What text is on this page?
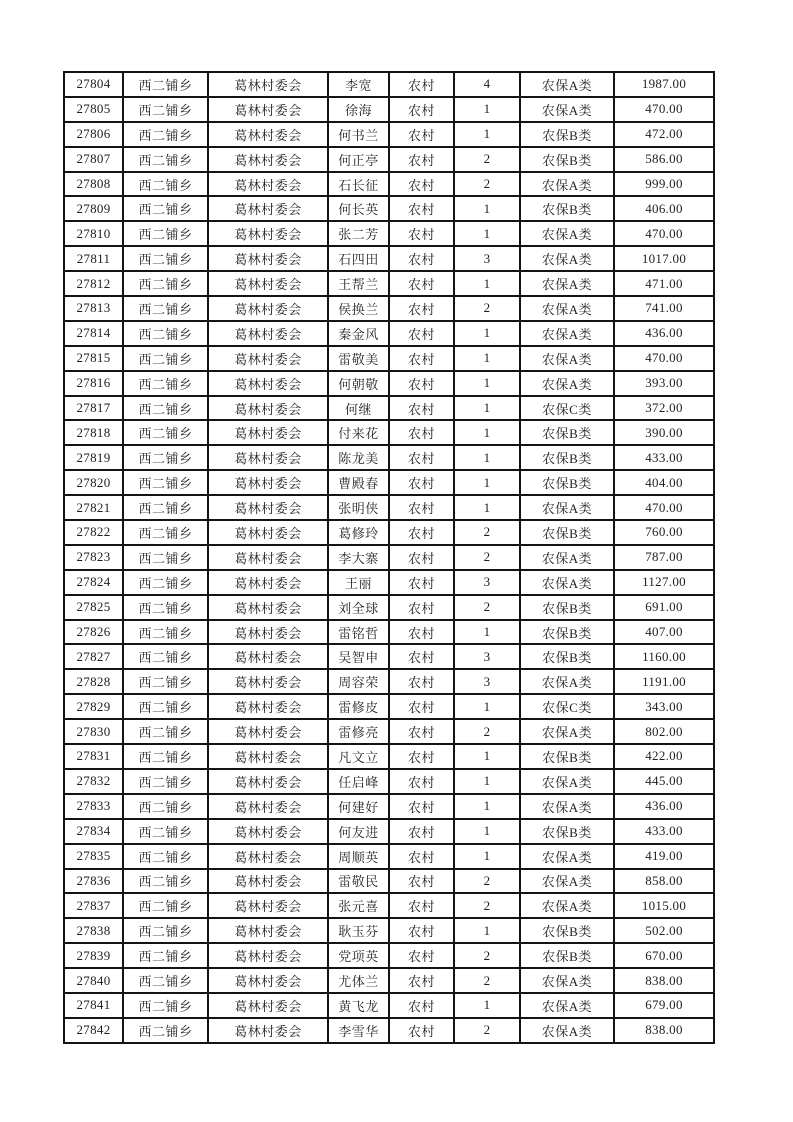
27804	西二铺乡	葛林村委会	李宽	农村	4	农保A类	1987.00
27805	西二铺乡	葛林村委会	徐海	农村	1	农保A类	470.00
27806	西二铺乡	葛林村委会	何书兰	农村	1	农保B类	472.00
27807	西二铺乡	葛林村委会	何正亭	农村	2	农保B类	586.00
27808	西二铺乡	葛林村委会	石长征	农村	2	农保A类	999.00
27809	西二铺乡	葛林村委会	何长英	农村	1	农保B类	406.00
27810	西二铺乡	葛林村委会	张二芳	农村	1	农保A类	470.00
27811	西二铺乡	葛林村委会	石四田	农村	3	农保A类	1017.00
27812	西二铺乡	葛林村委会	王帮兰	农村	1	农保A类	471.00
27813	西二铺乡	葛林村委会	侯换兰	农村	2	农保A类	741.00
27814	西二铺乡	葛林村委会	秦金风	农村	1	农保A类	436.00
27815	西二铺乡	葛林村委会	雷敬美	农村	1	农保A类	470.00
27816	西二铺乡	葛林村委会	何朝敬	农村	1	农保A类	393.00
27817	西二铺乡	葛林村委会	何继	农村	1	农保C类	372.00
27818	西二铺乡	葛林村委会	付来花	农村	1	农保B类	390.00
27819	西二铺乡	葛林村委会	陈龙美	农村	1	农保B类	433.00
27820	西二铺乡	葛林村委会	曹殿春	农村	1	农保B类	404.00
27821	西二铺乡	葛林村委会	张明侠	农村	1	农保A类	470.00
27822	西二铺乡	葛林村委会	葛修玲	农村	2	农保B类	760.00
27823	西二铺乡	葛林村委会	李大寨	农村	2	农保A类	787.00
27824	西二铺乡	葛林村委会	王丽	农村	3	农保A类	1127.00
27825	西二铺乡	葛林村委会	刘全球	农村	2	农保B类	691.00
27826	西二铺乡	葛林村委会	雷铭哲	农村	1	农保B类	407.00
27827	西二铺乡	葛林村委会	吴智申	农村	3	农保B类	1160.00
27828	西二铺乡	葛林村委会	周容荣	农村	3	农保A类	1191.00
27829	西二铺乡	葛林村委会	雷修皮	农村	1	农保C类	343.00
27830	西二铺乡	葛林村委会	雷修亮	农村	2	农保A类	802.00
27831	西二铺乡	葛林村委会	凡文立	农村	1	农保B类	422.00
27832	西二铺乡	葛林村委会	任启峰	农村	1	农保A类	445.00
27833	西二铺乡	葛林村委会	何建好	农村	1	农保A类	436.00
27834	西二铺乡	葛林村委会	何友进	农村	1	农保B类	433.00
27835	西二铺乡	葛林村委会	周顺英	农村	1	农保A类	419.00
27836	西二铺乡	葛林村委会	雷敬民	农村	2	农保A类	858.00
27837	西二铺乡	葛林村委会	张元喜	农村	2	农保A类	1015.00
27838	西二铺乡	葛林村委会	耿玉芬	农村	1	农保B类	502.00
27839	西二铺乡	葛林村委会	党项英	农村	2	农保B类	670.00
27840	西二铺乡	葛林村委会	尤体兰	农村	2	农保A类	838.00
27841	西二铺乡	葛林村委会	黄飞龙	农村	1	农保A类	679.00
27842	西二铺乡	葛林村委会	李雪华	农村	2	农保A类	838.00
